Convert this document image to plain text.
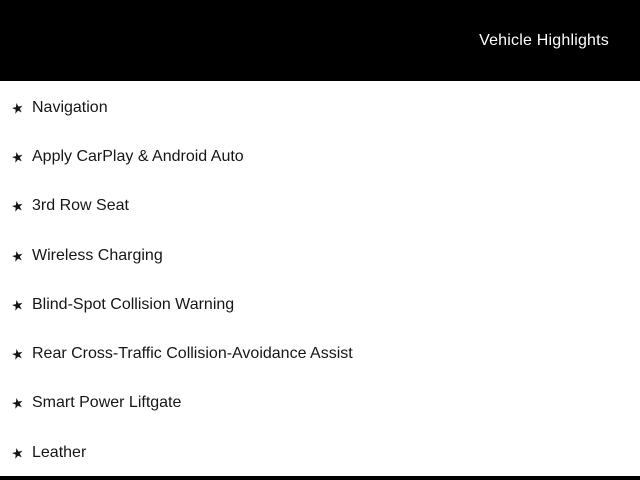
Vehicle Highlights
★ Navigation
★ Apply CarPlay & Android Auto
★ 3rd Row Seat
★ Wireless Charging
★ Blind-Spot Collision Warning
★ Rear Cross-Traffic Collision-Avoidance Assist
★ Smart Power Liftgate
★ Leather
